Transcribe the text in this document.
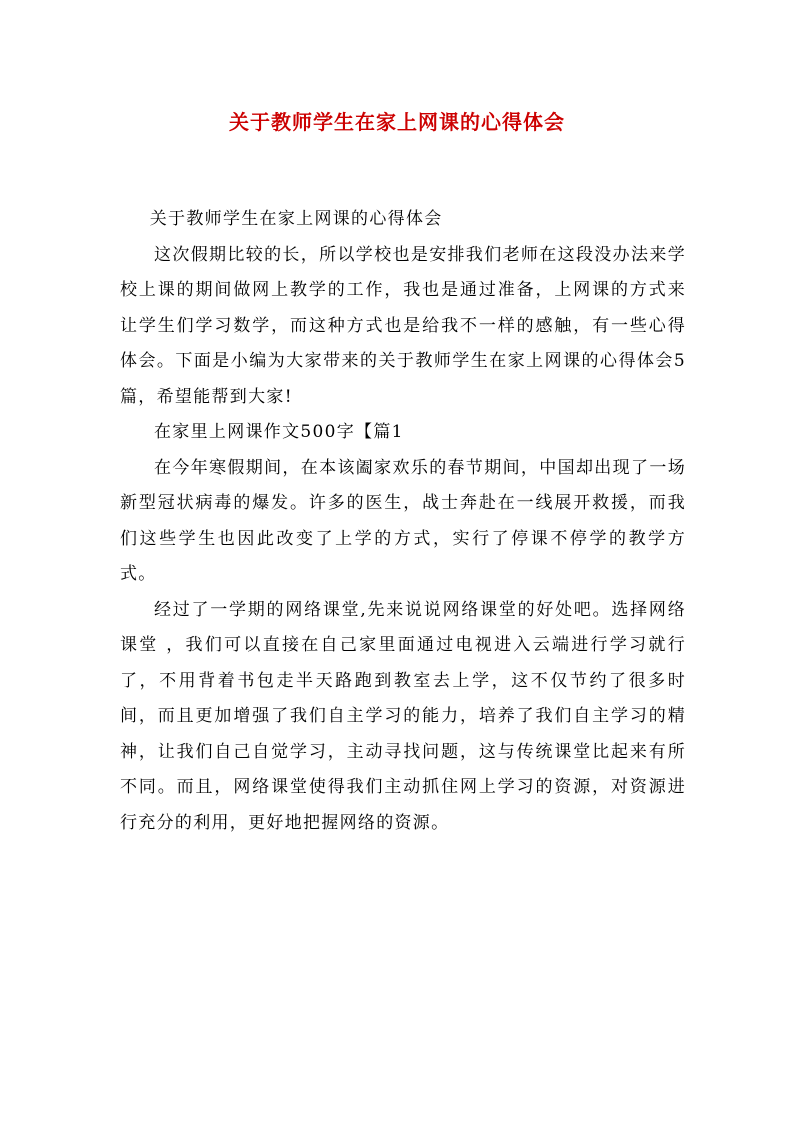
关于教师学生在家上网课的心得体会

关于教师学生在家上网课的心得体会

这次假期比较的长，所以学校也是安排我们老师在这段没办法来学校上课的期间做网上教学的工作，我也是通过准备，上网课的方式来让学生们学习数学，而这种方式也是给我不一样的感触，有一些心得体会。下面是小编为大家带来的关于教师学生在家上网课的心得体会5篇，希望能帮到大家!

在家里上网课作文500字【篇1

在今年寒假期间，在本该阖家欢乐的春节期间，中国却出现了一场新型冠状病毒的爆发。许多的医生，战士奔赴在一线展开救援，而我们这些学生也因此改变了上学的方式，实行了停课不停学的教学方式。

经过了一学期的网络课堂,先来说说网络课堂的好处吧。选择网络课堂 ，我们可以直接在自己家里面通过电视进入云端进行学习就行了，不用背着书包走半天路跑到教室去上学，这不仅节约了很多时间，而且更加增强了我们自主学习的能力，培养了我们自主学习的精神，让我们自己自觉学习，主动寻找问题，这与传统课堂比起来有所不同。而且，网络课堂使得我们主动抓住网上学习的资源，对资源进行充分的利用，更好地把握网络的资源。
